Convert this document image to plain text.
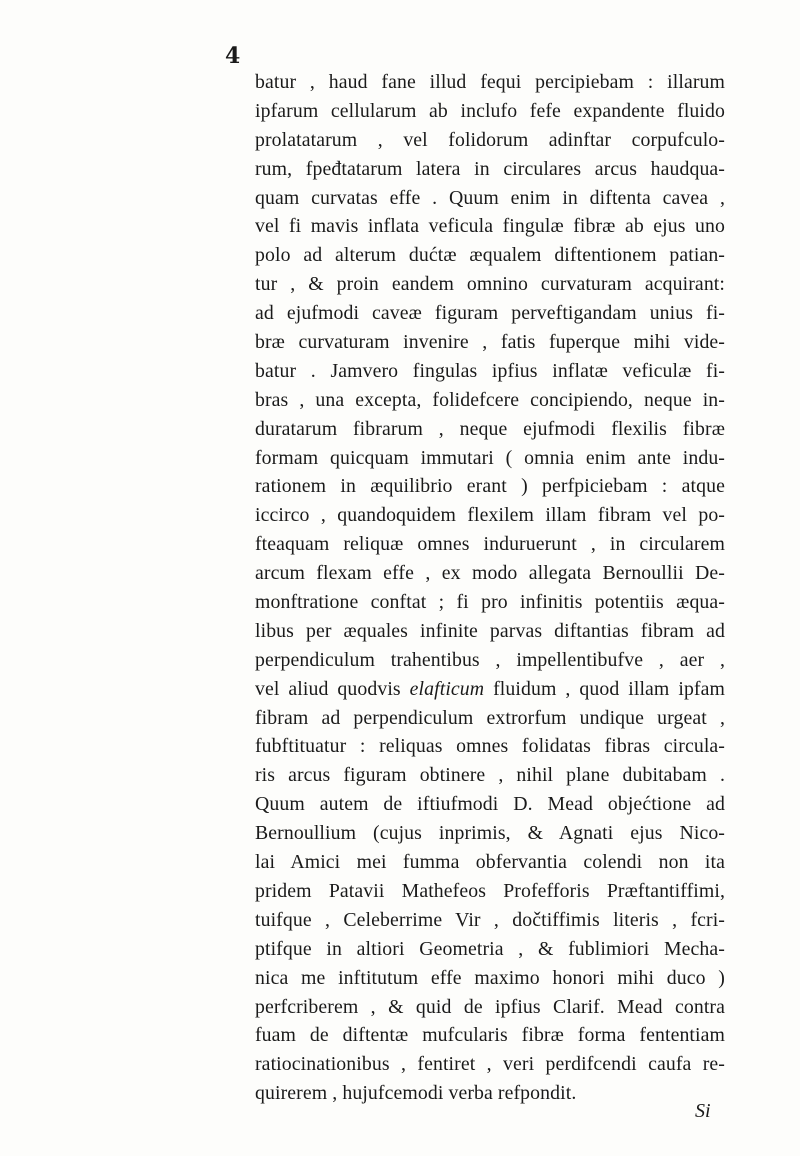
4
batur , haud fane illud fequi percipiebam : illarum
ipfarum cellularum ab inclufo fefe expandente fluido
prolatatarum , vel folidorum adinftar corpufculo-
rum, fpeđtatarum latera in circulares arcus haudqua-
quam curvatas effe . Quum enim in diftenta cavea ,
vel fi mavis inflata veficula fingulæ fibræ ab ejus uno
polo ad alterum dućtæ æqualem diftentionem patian-
tur , & proin eandem omnino curvaturam acquirant:
ad ejufmodi caveæ figuram perveftigandam unius fi-
bræ curvaturam invenire , fatis fuperque mihi vide-
batur . Jamvero fingulas ipfius inflatæ veficulæ fi-
bras , una excepta, folidefcere concipiendo, neque in-
duratarum fibrarum , neque ejufmodi flexilis fibræ
formam quicquam immutari ( omnia enim ante indu-
rationem in æquilibrio erant ) perfpiciebam : atque
iccirco , quandoquidem flexilem illam fibram vel po-
fteaquam reliquæ omnes induruerunt , in circularem
arcum flexam effe , ex modo allegata Bernoullii De-
monftratione conftat ; fi pro infinitis potentiis æqua-
libus per æquales infinite parvas diftantias fibram ad
perpendiculum trahentibus , impellentibufve , aer ,
vel aliud quodvis elafticum fluidum , quod illam ipfam
fibram ad perpendiculum extrorfum undique urgeat ,
fubftituatur : reliquas omnes folidatas fibras circula-
ris arcus figuram obtinere , nihil plane dubitabam .
Quum autem de iftiufmodi D. Mead objećtione ad
Bernoullium (cujus inprimis, & Agnati ejus Nico-
lai Amici mei fumma obfervantia colendi non ita
pridem Patavii Mathefeos Profefforis Præftantiffimi,
tuifque , Celeberrime Vir , dočtiffimis literis , fcri-
ptifque in altiori Geometria , & fublimiori Mecha-
nica me inftitutum effe maximo honori mihi duco )
perfcriberem , & quid de ipfius Clarif. Mead contra
fuam de diftentæ mufcularis fibræ forma fententiam
ratiocinationibus , fentiret , veri perdifcendi caufa re-
quirerem , hujufcemodi verba refpondit.
Si
